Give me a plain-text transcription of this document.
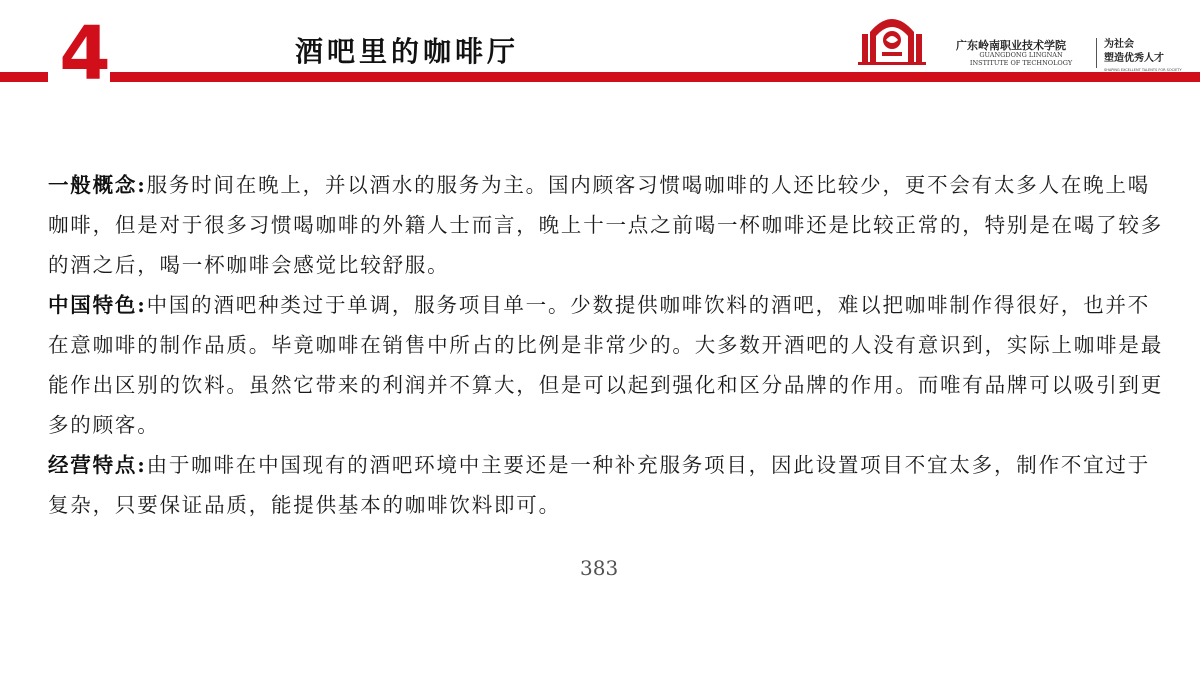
4	酒吧里的咖啡厅	广东岭南职业技术学院
GUANGDONG LINGNAN
INSTITUTE OF TECHNOLOGY
为社会
塑造优秀人才
SHAPING EXCELLENT TALENTS FOR SOCIETY

一般概念:服务时间在晚上，并以酒水的服务为主。国内顾客习惯喝咖啡的人还比较少，更不会有太多人在晚上喝咖啡，但是对于很多习惯喝咖啡的外籍人士而言，晚上十一点之前喝一杯咖啡还是比较正常的，特别是在喝了较多的酒之后，喝一杯咖啡会感觉比较舒服。

中国特色:中国的酒吧种类过于单调，服务项目单一。少数提供咖啡饮料的酒吧，难以把咖啡制作得很好，也并不在意咖啡的制作品质。毕竟咖啡在销售中所占的比例是非常少的。大多数开酒吧的人没有意识到，实际上咖啡是最能作出区别的饮料。虽然它带来的利润并不算大，但是可以起到强化和区分品牌的作用。而唯有品牌可以吸引到更多的顾客。

经营特点:由于咖啡在中国现有的酒吧环境中主要还是一种补充服务项目，因此设置项目不宜太多，制作不宜过于复杂，只要保证品质，能提供基本的咖啡饮料即可。

383
